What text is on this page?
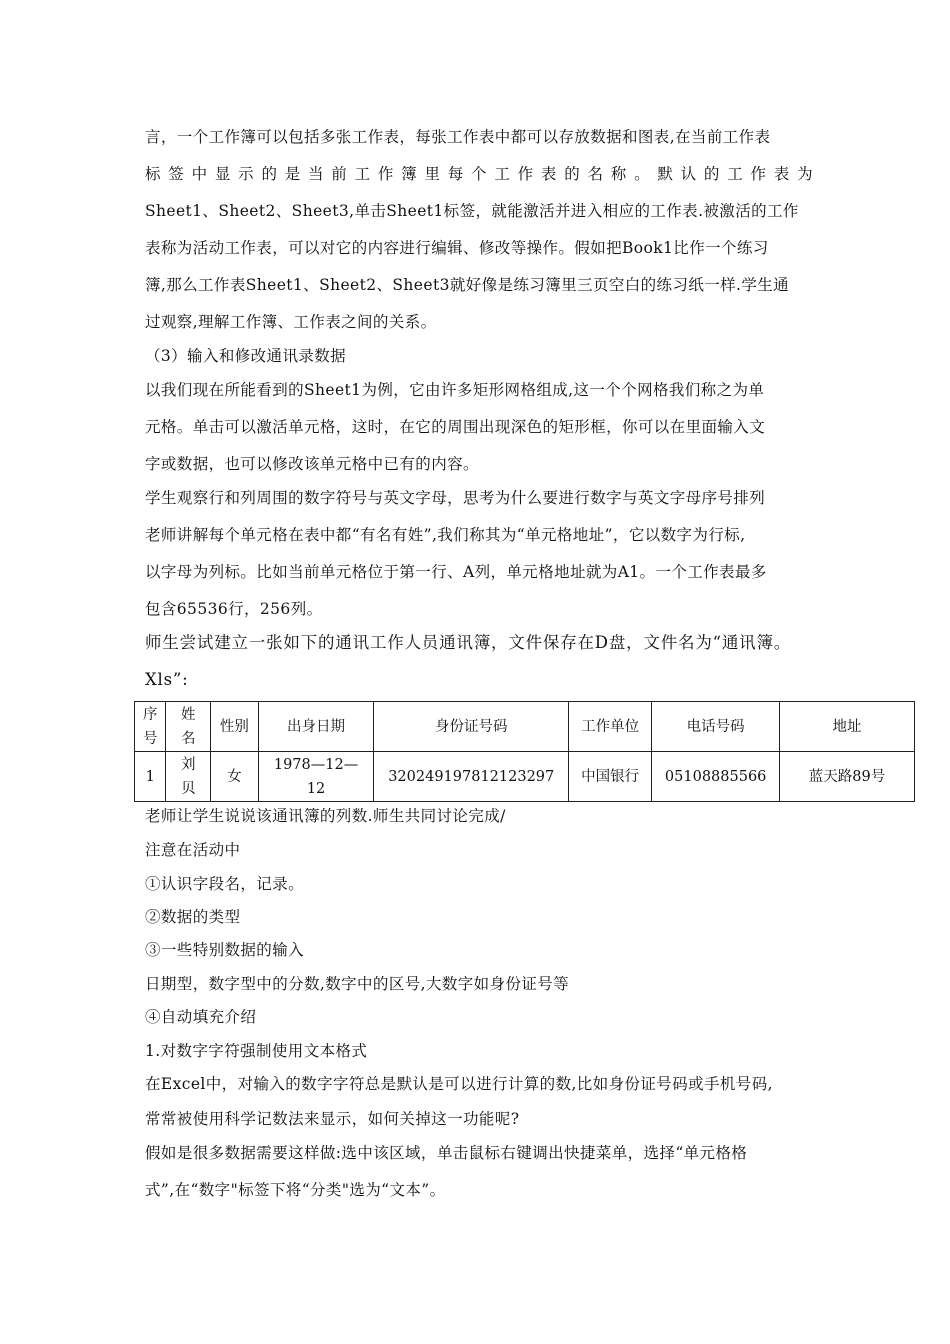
言，一个工作簿可以包括多张工作表，每张工作表中都可以存放数据和图表,在当前工作表
标签中显示的是当前工作簿里每个工作表的名称。默认的工作表为
Sheet1、Sheet2、Sheet3,单击Sheet1标签，就能激活并进入相应的工作表.被激活的工作
表称为活动工作表，可以对它的内容进行编辑、修改等操作。假如把Book1比作一个练习
簿,那么工作表Sheet1、Sheet2、Sheet3就好像是练习簿里三页空白的练习纸一样.学生通
过观察,理解工作簿、工作表之间的关系。
（3）输入和修改通讯录数据
以我们现在所能看到的Sheet1为例，它由许多矩形网格组成,这一个个网格我们称之为单
元格。单击可以激活单元格，这时，在它的周围出现深色的矩形框，你可以在里面输入文
字或数据，也可以修改该单元格中已有的内容。
学生观察行和列周围的数字符号与英文字母，思考为什么要进行数字与英文字母序号排列
老师讲解每个单元格在表中都“有名有姓”,我们称其为“单元格地址”，它以数字为行标,
以字母为列标。比如当前单元格位于第一行、A列，单元格地址就为A1。一个工作表最多
包含65536行，256列。
师生尝试建立一张如下的通讯工作人员通讯簿，文件保存在D盘，文件名为“通讯簿。
Xls”:
序号	姓名	性别	出身日期	身份证号码	工作单位	电话号码	地址
1	刘贝	女	1978—12—12	320249197812123297	中国银行	05108885566	蓝天路89号
老师让学生说说该通讯簿的列数.师生共同讨论完成/
注意在活动中
①认识字段名，记录。
②数据的类型
③一些特别数据的输入
日期型，数字型中的分数,数字中的区号,大数字如身份证号等
④自动填充介绍
1.对数字字符强制使用文本格式
在Excel中，对输入的数字字符总是默认是可以进行计算的数,比如身份证号码或手机号码,
常常被使用科学记数法来显示，如何关掉这一功能呢?
假如是很多数据需要这样做:选中该区域，单击鼠标右键调出快捷菜单，选择“单元格格
式”,在“数字"标签下将“分类"选为“文本”。
